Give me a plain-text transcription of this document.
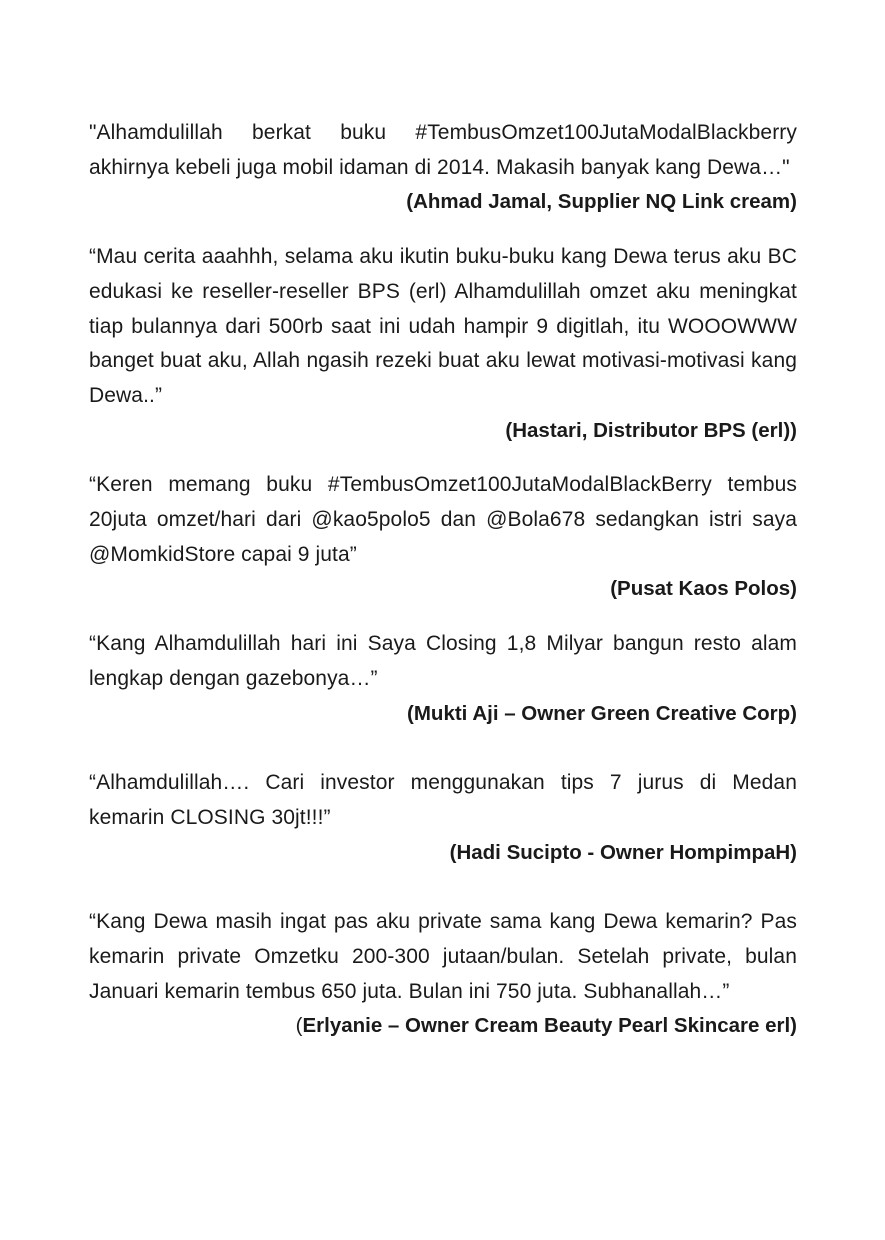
"Alhamdulillah berkat buku #TembusOmzet100JutaModalBlackberry akhirnya kebeli juga mobil idaman di 2014. Makasih banyak kang Dewa…"

(Ahmad Jamal, Supplier NQ Link cream)

“Mau cerita aaahhh, selama aku ikutin buku-buku kang Dewa terus aku BC edukasi ke reseller-reseller BPS (erl) Alhamdulillah omzet aku meningkat tiap bulannya dari 500rb saat ini udah hampir 9 digitlah, itu WOOOWWW banget buat aku, Allah ngasih rezeki buat aku lewat motivasi-motivasi kang Dewa..”

(Hastari, Distributor BPS (erl))

“Keren memang buku #TembusOmzet100JutaModalBlackBerry tembus 20juta omzet/hari dari @kao5polo5 dan @Bola678 sedangkan istri saya @MomkidStore capai 9 juta”

(Pusat Kaos Polos)

“Kang Alhamdulillah hari ini Saya Closing 1,8 Milyar bangun resto alam lengkap dengan gazebonya…”

(Mukti Aji – Owner Green Creative Corp)

“Alhamdulillah…. Cari investor menggunakan tips 7 jurus di Medan kemarin CLOSING 30jt!!!”

(Hadi Sucipto - Owner HompimpaH)

“Kang Dewa masih ingat pas aku private sama kang Dewa kemarin? Pas kemarin private Omzetku 200-300 jutaan/bulan. Setelah private, bulan Januari kemarin tembus 650 juta. Bulan ini 750 juta. Subhanallah…”

(Erlyanie – Owner Cream Beauty Pearl Skincare erl)
